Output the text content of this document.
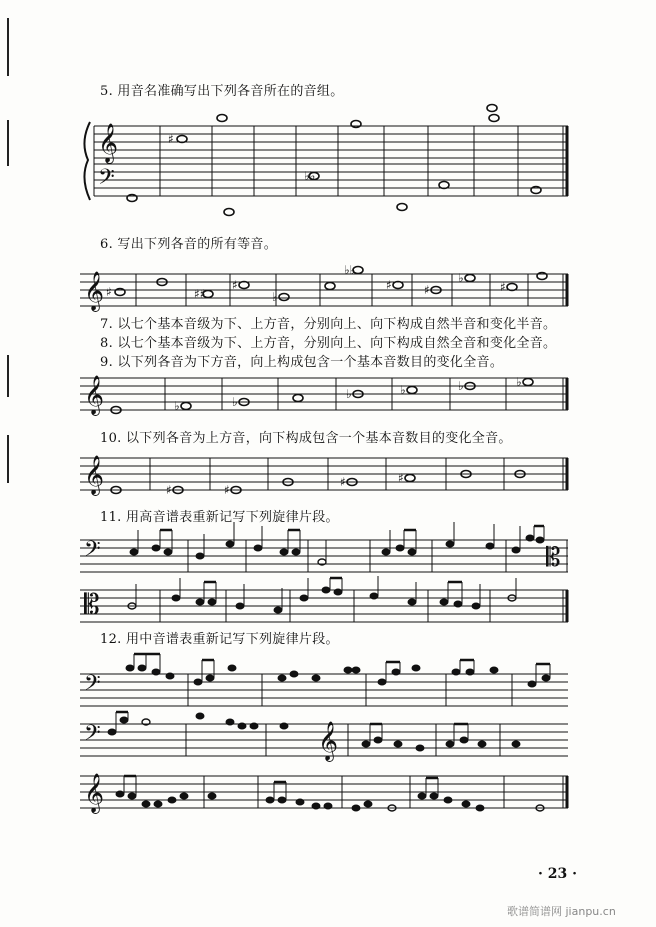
5. 用音名准确写出下列各音所在的音组。
6. 写出下列各音的所有等音。
7. 以七个基本音级为下、上方音，分别向上、向下构成自然半音和变化半音。
8. 以七个基本音级为下、上方音，分别向上、向下构成自然全音和变化全音。
9. 以下列各音为下方音，向上构成包含一个基本音数目的变化全音。
10. 以下列各音为上方音，向下构成包含一个基本音数目的变化全音。
11. 用高音谱表重新记写下列旋律片段。
12. 用中音谱表重新记写下列旋律片段。
𝄞
𝄢
𝄞
𝄞
𝄞
𝄢
𝄡
𝄡
𝄢
𝄢	𝄞
𝄞
♯
♭♭
♯	♯♯
♯
♭
♭♭
♯	♯
♭
♯
♭	♭
♭	♭	♭	♭
♯	♯
♯	♯
· 23 ·
歌谱简谱网 jianpu.cn
